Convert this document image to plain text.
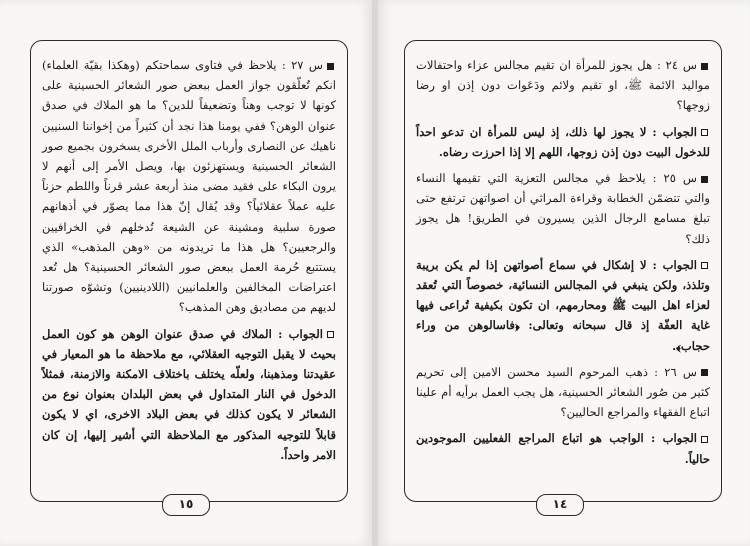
س ٢٧ : يلاحظ في فتاوى سماحتكم (وهكذا بقيّة العلماء) انكم تُعلّقون جواز العمل ببعض صور الشعائر الحسينية على كونها لا توجب وهناً وتضعيفاً للدين؟ ما هو الملاك في صدق عنوان الوهن؟ ففي يومنا هذا نجد أن كثيراً من إخواننا السنيين ناهيك عن النصارى وأرباب الملل الأخرى يسخرون بجميع صور الشعائر الحسينية ويستهزئون بها، ويصل الأمر إلى أنهم لا يرون البكاء على فقيد مضى منذ أربعة عشر قرناً واللطم حزناً عليه عملاً عقلائياً؟ وقد يُقال إنّ هذا مما يصوّر في أذهانهم صورة سلبية ومشينة عن الشيعة تُدخلهم في الخرافيين والرجعيين؟ هل هذا ما تريدونه من «وهن المذهب» الذي يستتبع حُرمة العمل ببعض صور الشعائر الحسينية؟ هل تُعد اعتراضات المخالفين والعلمانيين (اللادينيين) وتشوّه صورتنا لديهم من مصاديق وهن المذهب؟

الجواب : الملاك في صدق عنوان الوهن هو كون العمل بحيث لا يقبل التوجيه العقلائي، مع ملاحظة ما هو المعيار في عقيدتنا ومذهبنا، ولعلّه يختلف باختلاف الامكنة والازمنة، فمثلاً الدخول في النار المتداول في بعض البلدان بعنوان نوع من الشعائر لا يكون كذلك في بعض البلاد الاخرى، اي لا يكون قابلاً للتوجيه المذكور مع الملاحظة التي أشير إليها، إن كان الامر واحداً.

١٥

س ٢٤ : هل يجوز للمرأة ان تقيم مجالس عزاء واحتفالات مواليد الائمة ﷺ، او تقيم ولائم ودَعَوات دون إذن او رضا زوجها؟

الجواب : لا يجوز لها ذلك، إذ ليس للمرأة ان تدعو احداً للدخول البيت دون إذن زوجها، اللهم إلا إذا احرزت رضاه.

س ٢٥ : يلاحظ في مجالس التعزية التي تقيمها النساء والتي تتضمّن الخطابة وقراءة المراثي أن اصواتهن ترتفع حتى تبلغ مسامع الرجال الذين يسيرون في الطريق! هل يجوز ذلك؟

الجواب : لا إشكال في سماع أصواتهن إذا لم يكن بريبة وتلذذ، ولكن ينبغي في المجالس النسائية، خصوصاً التي تُعقد لعزاء اهل البيت ﷺ ومحارمهم، ان تكون بكيفية تُراعى فيها غاية العفّة إذ قال سبحانه وتعالى: ﴿فاسالوهن من وراء حجاب﴾.

س ٢٦ : ذهب المرحوم السيد محسن الامين إلى تحريم كثير من صُور الشعائر الحسينية، هل يجب العمل برأيه أم علينا اتباع الفقهاء والمراجع الحاليين؟

الجواب : الواجب هو اتباع المراجع الفعليين الموجودين حالياً.

١٤
